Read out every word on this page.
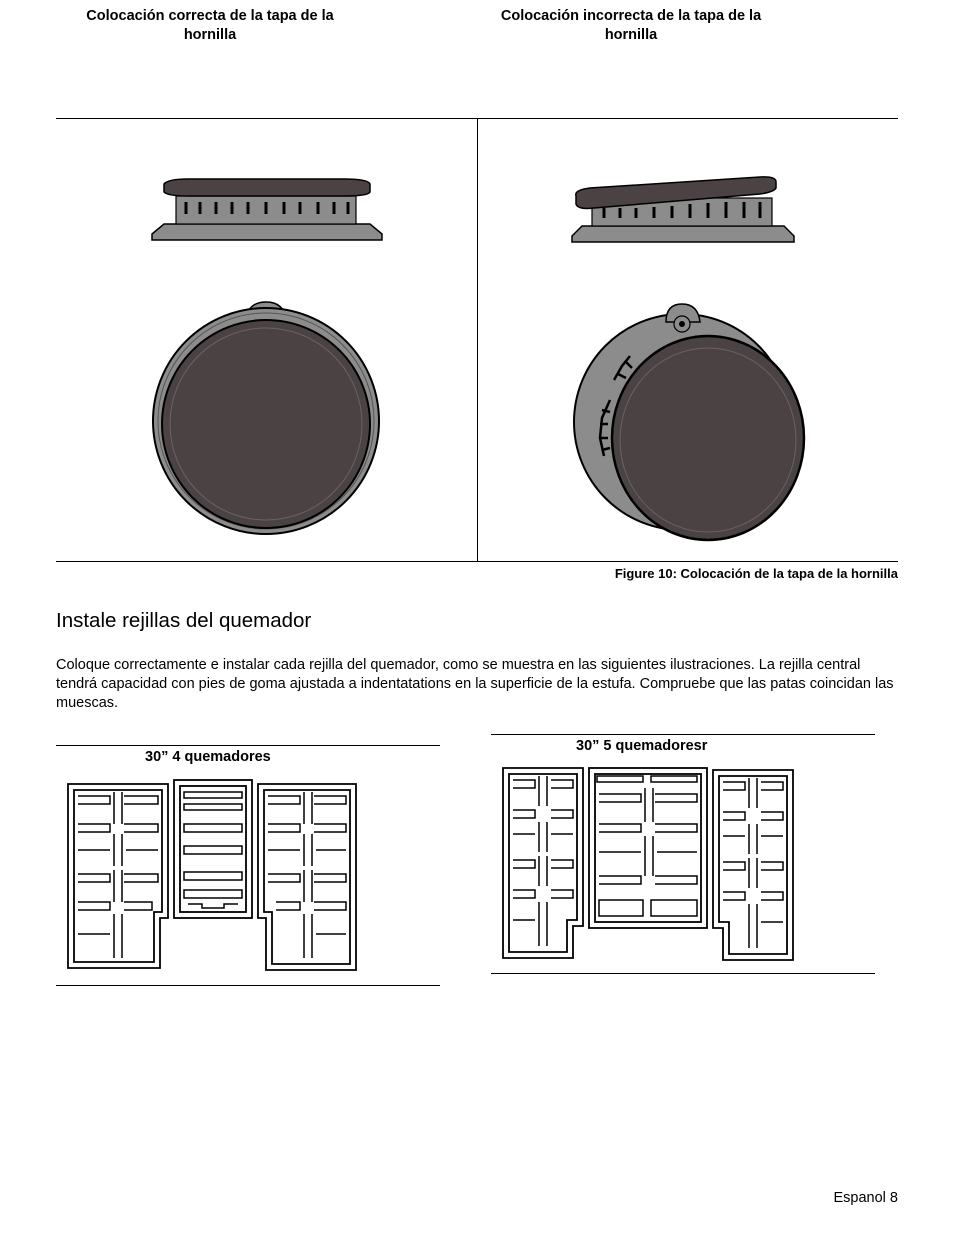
Colocación correcta de la tapa de la hornilla
Colocación incorrecta de la tapa de la hornilla
Figure 10: Colocación de la tapa de la hornilla
Instale rejillas del quemador

Coloque correctamente e instalar cada rejilla del quemador, como se muestra en las siguientes ilustraciones. La rejilla central tendrá capacidad con pies de goma ajustada a indentatations en la superficie de la estufa. Compruebe que las patas coincidan las muescas.

30” 4 quemadores
30” 5 quemadoresr
Espanol 8
